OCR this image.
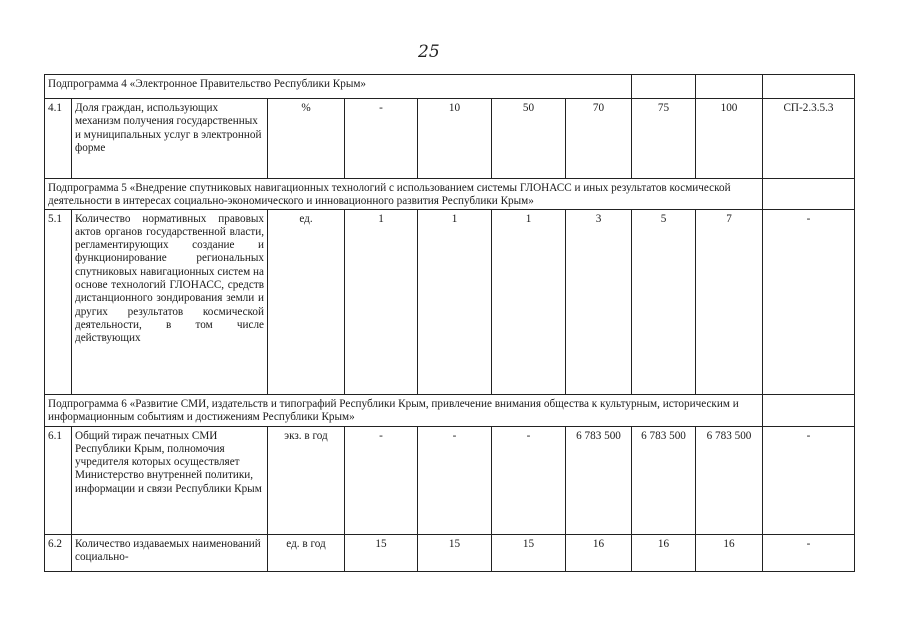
25
Подпрограмма 4 «Электронное Правительство Республики Крым»									
4.1	Доля граждан, использующих механизм получения государственных и муниципальных услуг в электронной форме	%	-	10	50	70	75	100	СП-2.3.5.3
Подпрограмма 5 «Внедрение спутниковых навигационных технологий с использованием системы ГЛОНАСС и иных результатов космической деятельности в интересах социально-экономического и инновационного развития Республики Крым»									
5.1	Количество нормативных правовых актов органов государственной власти, регламентирующих создание и функционирование региональных спутниковых навигационных систем на основе технологий ГЛОНАСС, средств дистанционного зондирования земли и других результатов космической деятельности, в том числе действующих	ед.	1	1	1	3	5	7	-
Подпрограмма 6 «Развитие СМИ, издательств и типографий Республики Крым, привлечение внимания общества к культурным, историческим и информационным событиям и достижениям Республики Крым»									
6.1	Общий тираж печатных СМИ Республики Крым, полномочия учредителя которых осуществляет Министерство внутренней политики, информации и связи Республики Крым	экз. в год	-	-	-	6 783 500	6 783 500	6 783 500	-
6.2	Количество издаваемых наименований социально-	ед. в год	15	15	15	16	16	16	-
